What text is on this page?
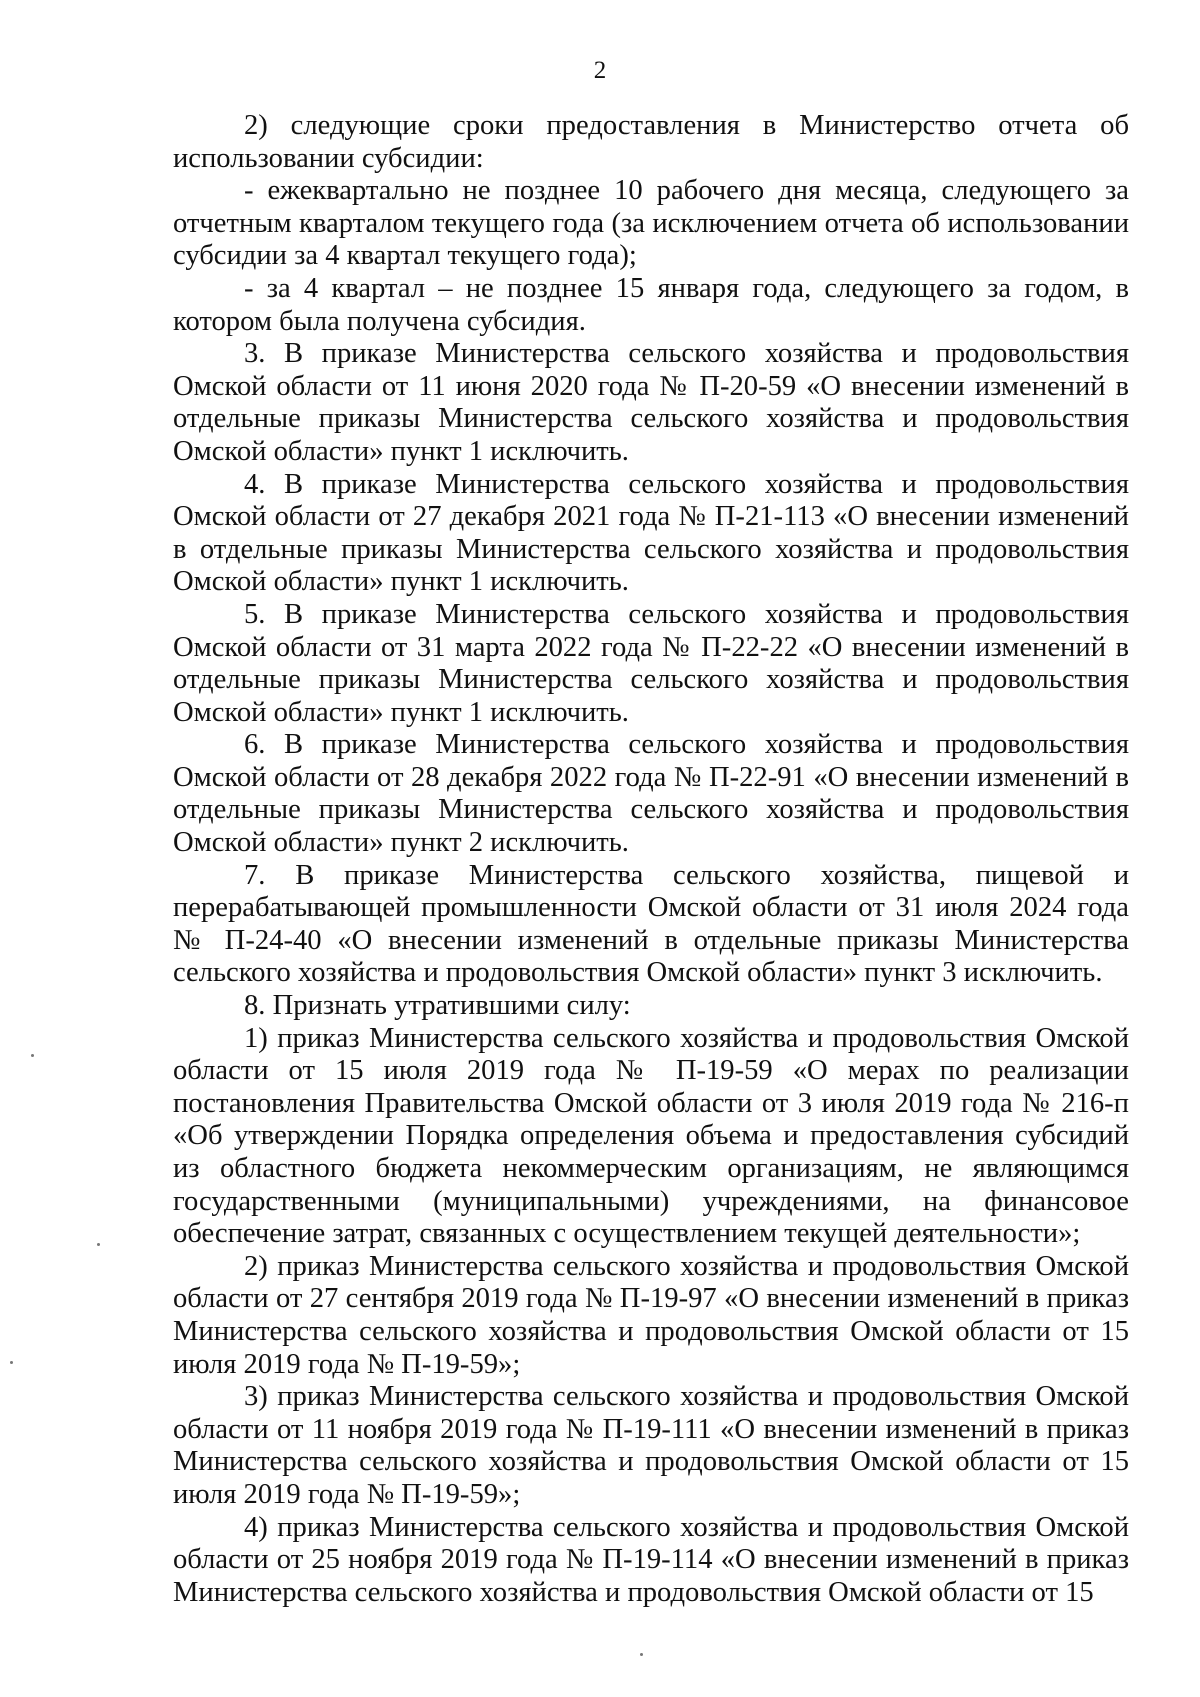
2

2) следующие сроки предоставления в Министерство отчета об использовании субсидии:

- ежеквартально не позднее 10 рабочего дня месяца, следующего за отчетным кварталом текущего года (за исключением отчета об использовании субсидии за 4 квартал текущего года);

- за 4 квартал – не позднее 15 января года, следующего за годом, в котором была получена субсидия.

3. В приказе Министерства сельского хозяйства и продовольствия Омской области от 11 июня 2020 года № П-20-59 «О внесении изменений в отдельные приказы Министерства сельского хозяйства и продовольствия Омской области» пункт 1 исключить.

4. В приказе Министерства сельского хозяйства и продовольствия Омской области от 27 декабря 2021 года № П-21-113 «О внесении изменений в отдельные приказы Министерства сельского хозяйства и продовольствия Омской области» пункт 1 исключить.

5. В приказе Министерства сельского хозяйства и продовольствия Омской области от 31 марта 2022 года № П-22-22 «О внесении изменений в отдельные приказы Министерства сельского хозяйства и продовольствия Омской области» пункт 1 исключить.

6. В приказе Министерства сельского хозяйства и продовольствия Омской области от 28 декабря 2022 года № П-22-91 «О внесении изменений в отдельные приказы Министерства сельского хозяйства и продовольствия Омской области» пункт 2 исключить.

7. В приказе Министерства сельского хозяйства, пищевой и перерабатывающей промышленности Омской области от 31 июля 2024 года № П-24-40 «О внесении изменений в отдельные приказы Министерства сельского хозяйства и продовольствия Омской области» пункт 3 исключить.

8. Признать утратившими силу:

1) приказ Министерства сельского хозяйства и продовольствия Омской области от 15 июля 2019 года № П-19-59 «О мерах по реализации постановления Правительства Омской области от 3 июля 2019 года № 216-п «Об утверждении Порядка определения объема и предоставления субсидий из областного бюджета некоммерческим организациям, не являющимся государственными (муниципальными) учреждениями, на финансовое обеспечение затрат, связанных с осуществлением текущей деятельности»;

2) приказ Министерства сельского хозяйства и продовольствия Омской области от 27 сентября 2019 года № П-19-97 «О внесении изменений в приказ Министерства сельского хозяйства и продовольствия Омской области от 15 июля 2019 года № П-19-59»;

3) приказ Министерства сельского хозяйства и продовольствия Омской области от 11 ноября 2019 года № П-19-111 «О внесении изменений в приказ Министерства сельского хозяйства и продовольствия Омской области от 15 июля 2019 года № П-19-59»;

4) приказ Министерства сельского хозяйства и продовольствия Омской области от 25 ноября 2019 года № П-19-114 «О внесении изменений в приказ Министерства сельского хозяйства и продовольствия Омской области от 15
